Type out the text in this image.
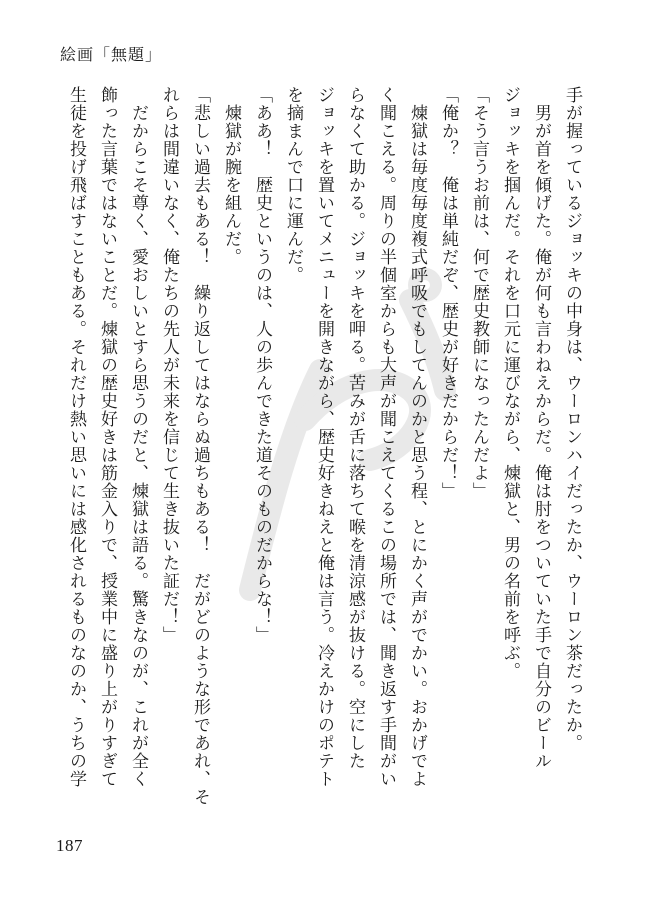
絵画「無題」
手が握っているジョッキの中身は、ウーロンハイだったか、ウーロン茶だったか。
　男が首を傾げた。俺が何も言わねえからだ。俺は肘をついていた手で自分のビール
ジョッキを掴んだ。それを口元に運びながら、煉獄と、男の名前を呼ぶ。
「そう言うお前は、何で歴史教師になったんだよ」
「俺か？　俺は単純だぞ、歴史が好きだからだ！」
　煉獄は毎度毎度複式呼吸でもしてんのかと思う程、とにかく声がでかい。おかげでよ
く聞こえる。周りの半個室からも大声が聞こえてくるこの場所では、聞き返す手間がい
らなくて助かる。ジョッキを呷る。苦みが舌に落ちて喉を清涼感が抜ける。空にした
ジョッキを置いてメニューを開きながら、歴史好きねえと俺は言う。冷えかけのポテト
を摘まんで口に運んだ。
「ああ！　歴史というのは、人の歩んできた道そのものだからな！」
　煉獄が腕を組んだ。
「悲しい過去もある！　繰り返してはならぬ過ちもある！　だがどのような形であれ、そ
れらは間違いなく、俺たちの先人が未来を信じて生き抜いた証だ！」
　だからこそ尊く、愛おしいとすら思うのだと、煉獄は語る。驚きなのが、これが全く
飾った言葉ではないことだ。煉獄の歴史好きは筋金入りで、授業中に盛り上がりすぎて
生徒を投げ飛ばすこともある。それだけ熱い思いには感化されるものなのか、うちの学
187
